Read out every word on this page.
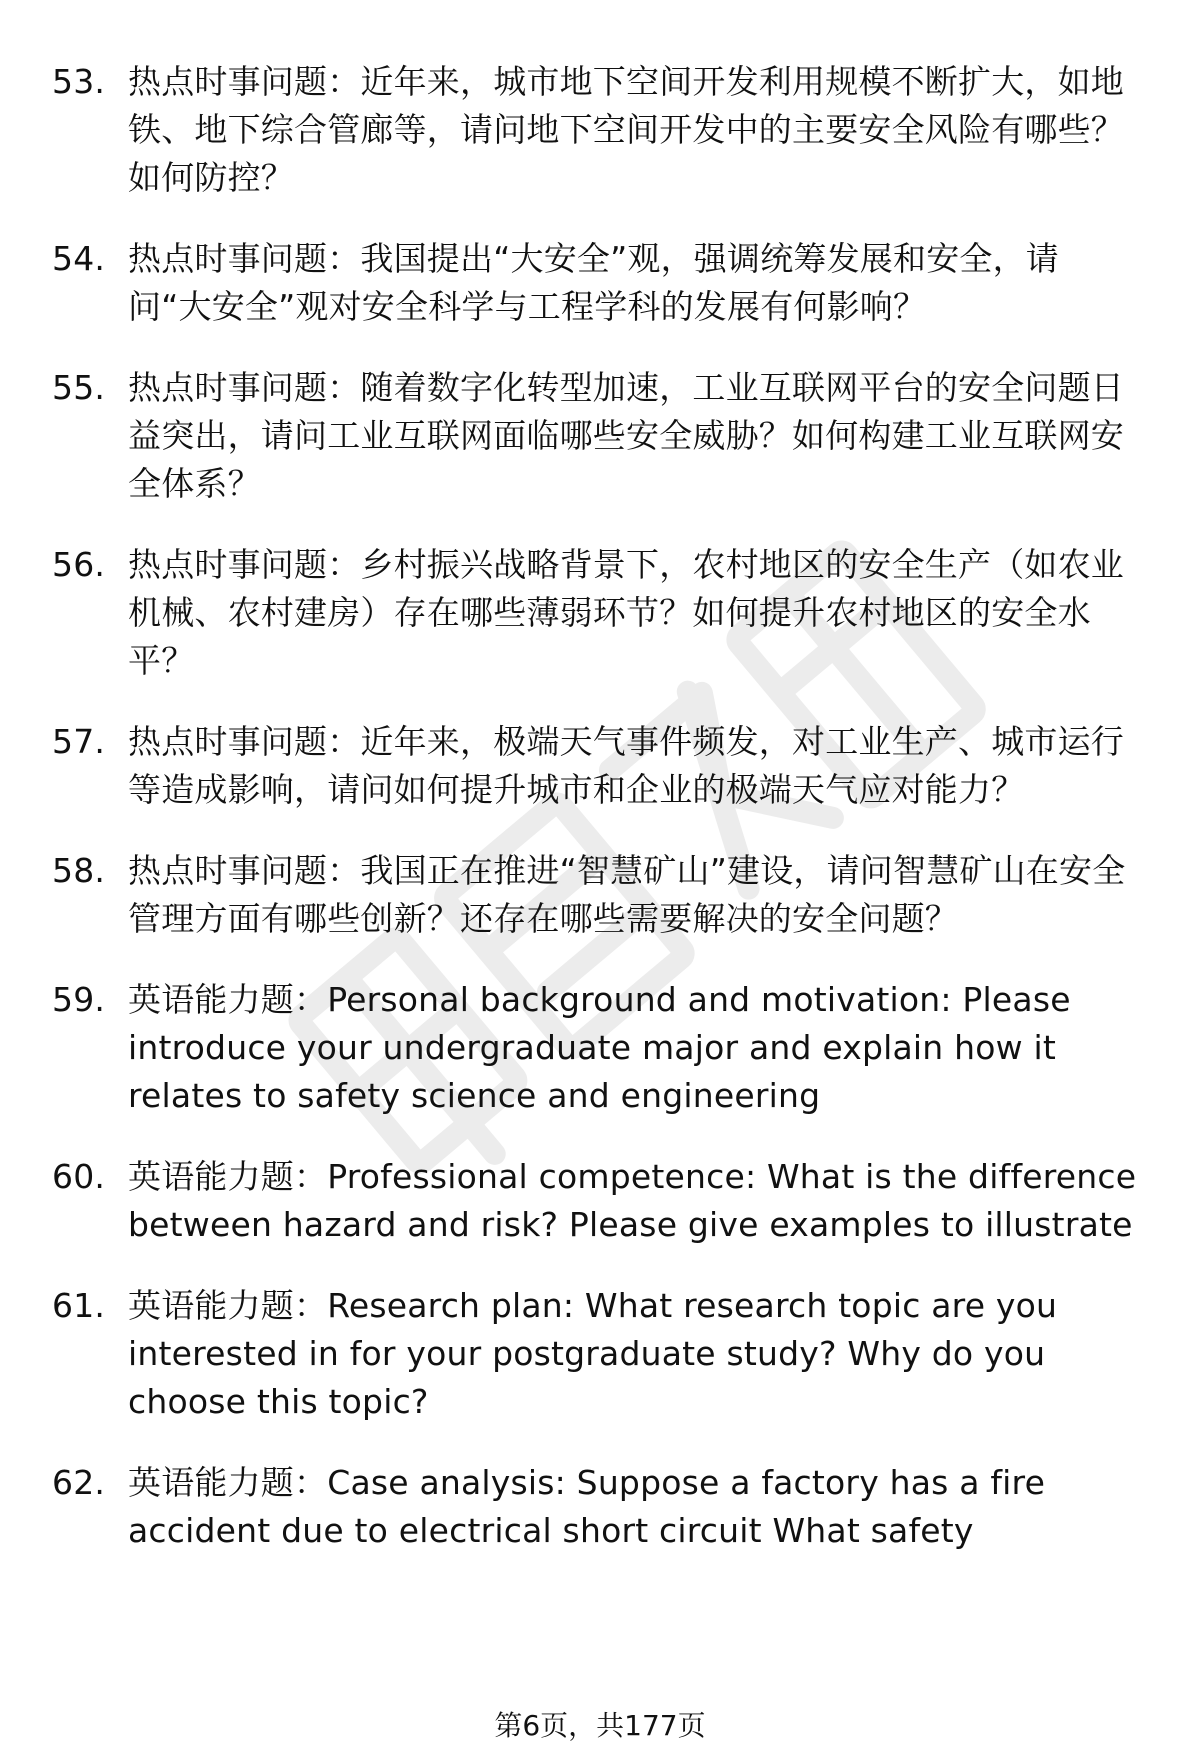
53. 热点时事问题：近年来，城市地下空间开发利用规模不断扩大，如地铁、地下综合管廊等，请问地下空间开发中的主要安全风险有哪些？如何防控？
54. 热点时事问题：我国提出“大安全”观，强调统筹发展和安全，请问“大安全”观对安全科学与工程学科的发展有何影响？
55. 热点时事问题：随着数字化转型加速，工业互联网平台的安全问题日益突出，请问工业互联网面临哪些安全威胁？如何构建工业互联网安全体系？
56. 热点时事问题：乡村振兴战略背景下，农村地区的安全生产（如农业机械、农村建房）存在哪些薄弱环节？如何提升农村地区的安全水平？
57. 热点时事问题：近年来，极端天气事件频发，对工业生产、城市运行等造成影响，请问如何提升城市和企业的极端天气应对能力？
58. 热点时事问题：我国正在推进“智慧矿山”建设，请问智慧矿山在安全管理方面有哪些创新？还存在哪些需要解决的安全问题？
59. 英语能力题：Personal background and motivation: Please introduce your undergraduate major and explain how it relates to safety science and engineering
60. 英语能力题：Professional competence: What is the difference between hazard and risk? Please give examples to illustrate
61. 英语能力题：Research plan: What research topic are you interested in for your postgraduate study? Why do you choose this topic?
62. 英语能力题：Case analysis: Suppose a factory has a fire accident due to electrical short circuit What safety
第6页，共177页
